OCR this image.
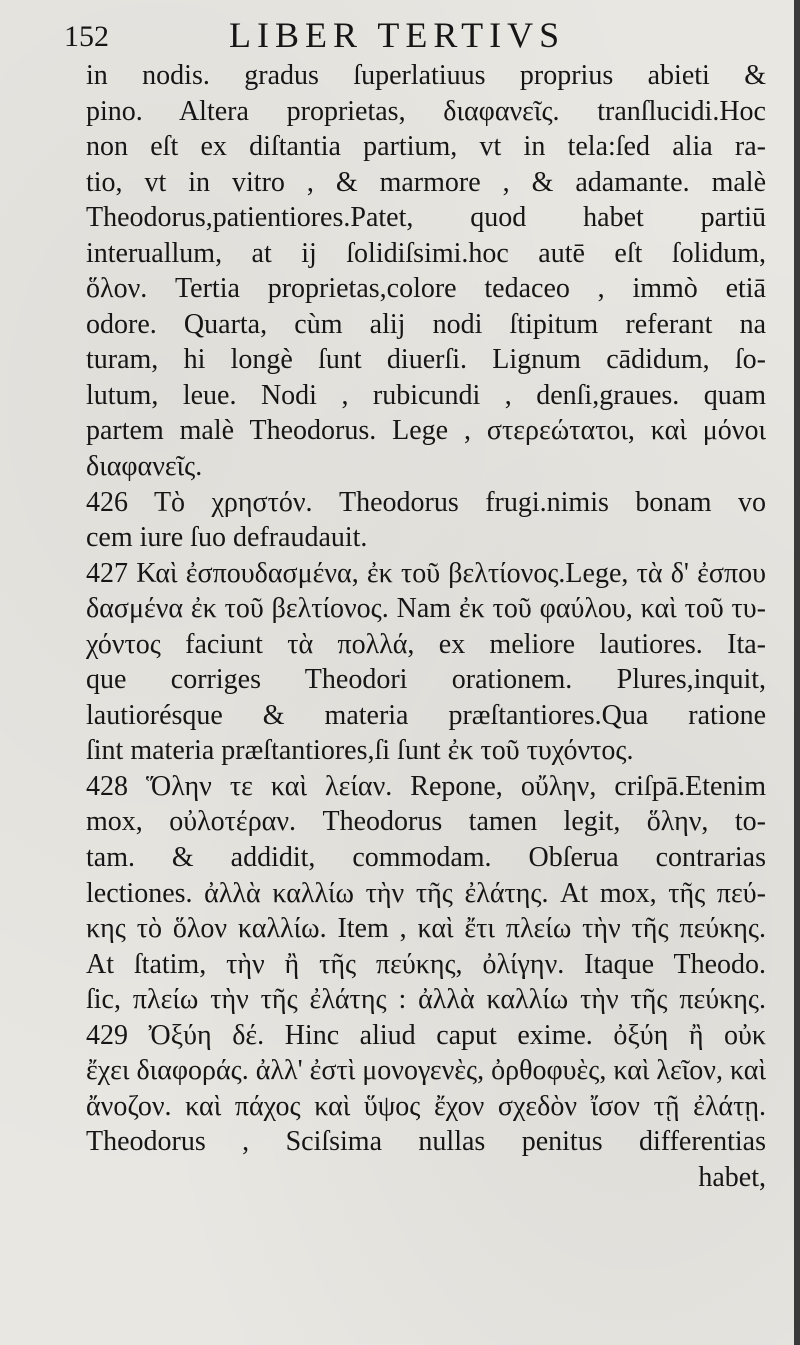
152	LIBER TERTIVS
in nodis. gradus ſuperlatiuus proprius abieti &
pino. Altera proprietas, διαφανεῖς. tranſlucidi.Hoc
non eſt ex diſtantia partium, vt in tela:ſed alia ra-
tio, vt in vitro , & marmore , & adamante. malè
Theodorus,patientiores.Patet, quod habet partiū
interuallum, at ij ſolidiſsimi.hoc autē eſt ſolidum,
ὅλον. Tertia proprietas,colore tedaceo , immò etiā
odore. Quarta, cùm alij nodi ſtipitum referant na
turam, hi longè ſunt diuerſi. Lignum cādidum, ſo-
lutum, leue. Nodi , rubicundi , denſi,graues. quam
partem malè Theodorus. Lege , στερεώτατοι, καὶ μόνοι
διαφανεῖς.
426 Τὸ χρηστόν. Theodorus frugi.nimis bonam vo
cem iure ſuo defraudauit.
427 Καὶ ἐσπουδασμένα, ἐκ τοῦ βελτίονος.Lege, τὰ δ' ἐσπου
δασμένα ἐκ τοῦ βελτίονος. Nam ἐκ τοῦ φαύλου, καὶ τοῦ τυ-
χόντος faciunt τὰ πολλά, ex meliore lautiores. Ita-
que corriges Theodori orationem. Plures,inquit,
lautiorésque & materia præſtantiores.Qua ratione
ſint materia præſtantiores,ſi ſunt ἐκ τοῦ τυχόντος.
428 Ὅλην τε καὶ λείαν. Repone, οὔλην, criſpā.Etenim
mox, οὐλοτέραν. Theodorus tamen legit, ὅλην, to-
tam. & addidit, commodam. Obſerua contrarias
lectiones. ἀλλὰ καλλίω τὴν τῆς ἐλάτης. At mox, τῆς πεύ-
κης τὸ ὅλον καλλίω. Item , καὶ ἔτι πλείω τὴν τῆς πεύκης.
At ſtatim, τὴν ἢ τῆς πεύκης, ὀλίγην. Itaque Theodo.
ſic, πλείω τὴν τῆς ἐλάτης : ἀλλὰ καλλίω τὴν τῆς πεύκης.
429 Ὀξύη δέ. Hinc aliud caput exime. ὀξύη ἢ οὐκ
ἔχει διαφοράς. ἀλλ' ἐστὶ μονογενὲς, ὀρθοφυὲς, καὶ λεῖον, καὶ
ἄνοζον. καὶ πάχος καὶ ὕψος ἔχον σχεδὸν ἴσον τῇ ἐλάτῃ.
Theodorus , Sciſsima nullas penitus differentias
habet,
